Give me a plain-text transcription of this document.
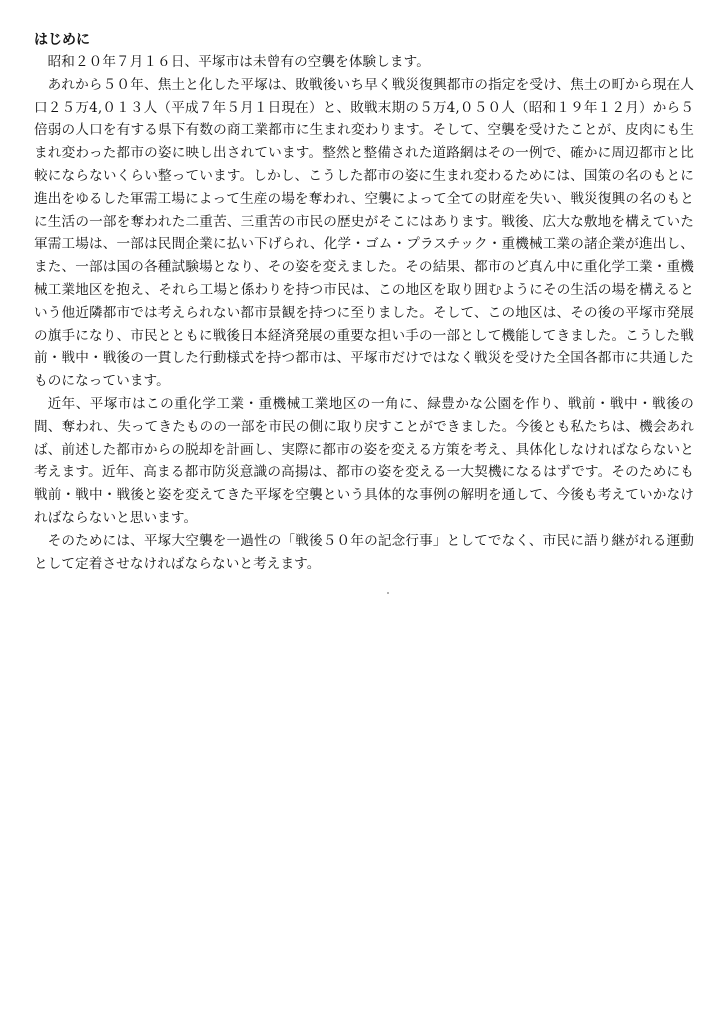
はじめに

昭和２０年７月１６日、平塚市は未曾有の空襲を体験します。

あれから５０年、焦土と化した平塚は、敗戦後いち早く戦災復興都市の指定を受け、焦土の町から現在人口２５万4,０１３人（平成７年５月１日現在）と、敗戦末期の５万4,０５０人（昭和１９年１２月）から５倍弱の人口を有する県下有数の商工業都市に生まれ変わります。そして、空襲を受けたことが、皮肉にも生まれ変わった都市の姿に映し出されています。整然と整備された道路網はその一例で、確かに周辺都市と比較にならないくらい整っています。しかし、こうした都市の姿に生まれ変わるためには、国策の名のもとに進出をゆるした軍需工場によって生産の場を奪われ、空襲によって全ての財産を失い、戦災復興の名のもとに生活の一部を奪われた二重苦、三重苦の市民の歴史がそこにはあります。戦後、広大な敷地を構えていた軍需工場は、一部は民間企業に払い下げられ、化学・ゴム・プラスチック・重機械工業の諸企業が進出し、また、一部は国の各種試験場となり、その姿を変えました。その結果、都市のど真ん中に重化学工業・重機械工業地区を抱え、それら工場と係わりを持つ市民は、この地区を取り囲むようにその生活の場を構えるという他近隣都市では考えられない都市景観を持つに至りました。そして、この地区は、その後の平塚市発展の旗手になり、市民とともに戦後日本経済発展の重要な担い手の一部として機能してきました。こうした戦前・戦中・戦後の一貫した行動様式を持つ都市は、平塚市だけではなく戦災を受けた全国各都市に共通したものになっています。

近年、平塚市はこの重化学工業・重機械工業地区の一角に、緑豊かな公園を作り、戦前・戦中・戦後の間、奪われ、失ってきたものの一部を市民の側に取り戻すことができました。今後とも私たちは、機会あれば、前述した都市からの脱却を計画し、実際に都市の姿を変える方策を考え、具体化しなければならないと考えます。近年、高まる都市防災意識の高揚は、都市の姿を変える一大契機になるはずです。そのためにも戦前・戦中・戦後と姿を変えてきた平塚を空襲という具体的な事例の解明を通して、今後も考えていかなければならないと思います。

そのためには、平塚大空襲を一過性の「戦後５０年の記念行事」としてでなく、市民に語り継がれる運動として定着させなければならないと考えます。
